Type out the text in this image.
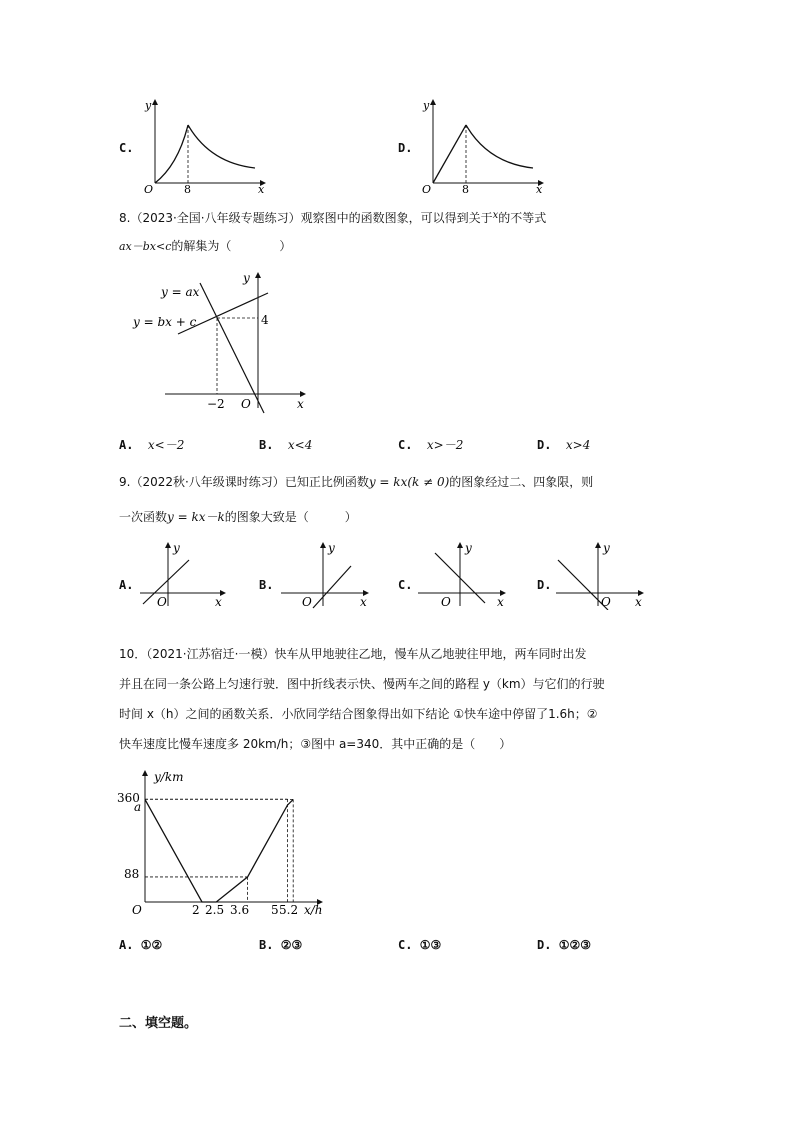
C.
y
x
O	8
D.
y
x
O	8
8.（2023·全国·八年级专题练习）观察图中的函数图象，可以得到关于$^x$的不等式
ax－bx<c的解集为（　　　　）
y = ax
y = bx + c
y
x
O
−2
4
A. x<－2	B. x<4	C. x>－2	D. x>4
9.（2022秋·八年级课时练习）已知正比例函数y = kx(k ≠ 0)的图象经过二、四象限，则
一次函数y = kx－k的图象大致是（　　　）
A.
y
x
O
B.
y
x
O
C.
y
x
O
D.
y
x
O
10．（2021·江苏宿迁·一模）快车从甲地驶往乙地，慢车从乙地驶往甲地，两车同时出发
并且在同一条公路上匀速行驶．图中折线表示快、慢两车之间的路程 y（km）与它们的行驶
时间 x（h）之间的函数关系．小欣同学结合图象得出如下结论 ①快车途中停留了1.6h；②
快车速度比慢车速度多 20km/h；③图中 a=340．其中正确的是（　　）
y/km
x/h
O
360
a
88
2 2.5 3.6 5 5.2
A. ①②	B. ②③	C. ①③	D. ①②③
二、填空题。
